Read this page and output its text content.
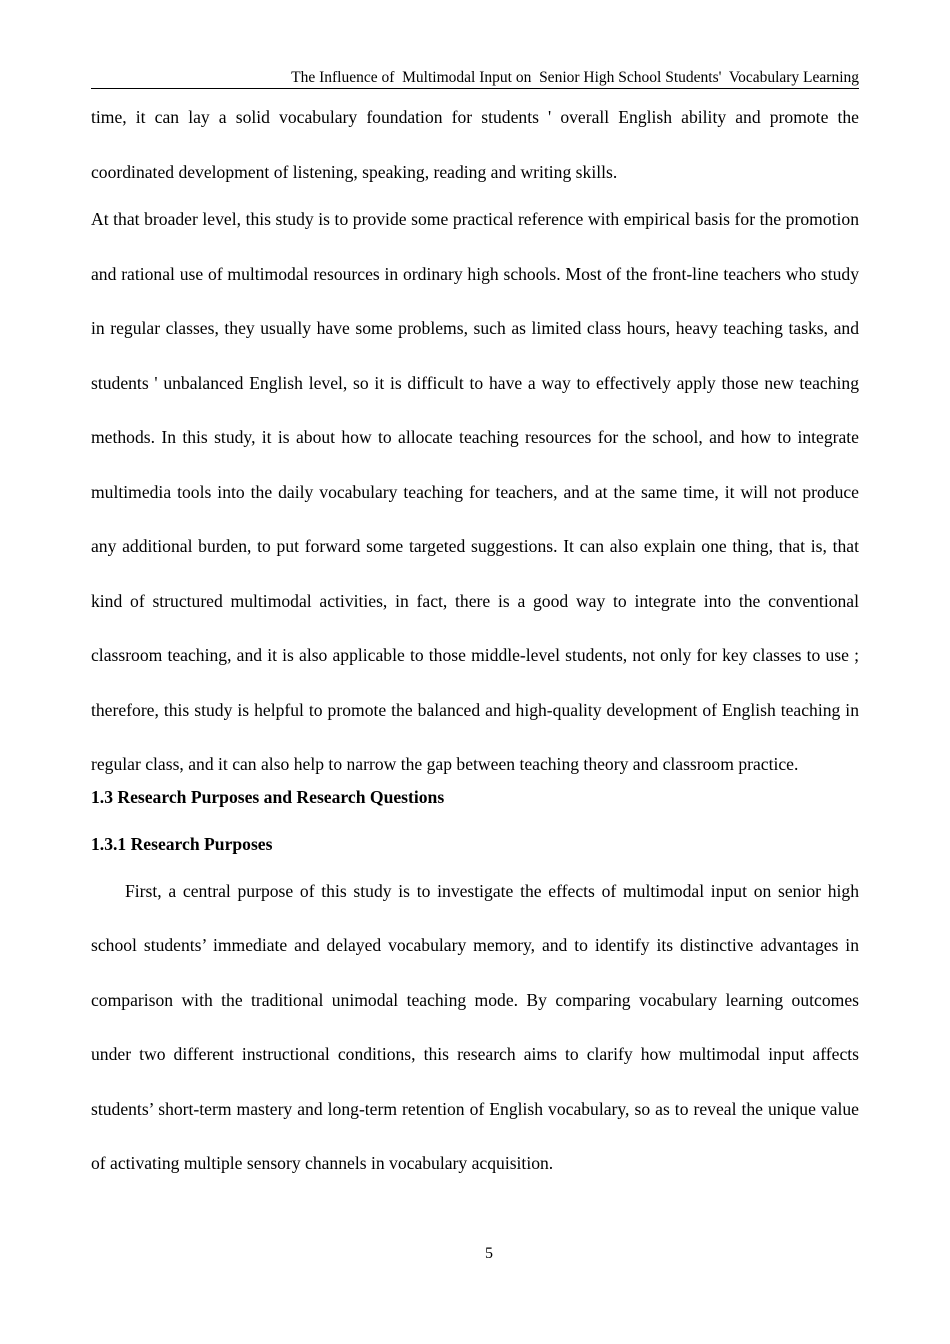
The Influence of  Multimodal Input on  Senior High School Students'  Vocabulary Learning

time, it can lay a solid vocabulary foundation for students ' overall English ability and promote the coordinated development of listening, speaking, reading and writing skills.

At that broader level, this study is to provide some practical reference with empirical basis for the promotion and rational use of multimodal resources in ordinary high schools. Most of the front-line teachers who study in regular classes, they usually have some problems, such as limited class hours, heavy teaching tasks, and students ' unbalanced English level, so it is difficult to have a way to effectively apply those new teaching methods. In this study, it is about how to allocate teaching resources for the school, and how to integrate multimedia tools into the daily vocabulary teaching for teachers, and at the same time, it will not produce any additional burden, to put forward some targeted suggestions. It can also explain one thing, that is, that kind of structured multimodal activities, in fact, there is a good way to integrate into the conventional classroom teaching, and it is also applicable to those middle-level students, not only for key classes to use ; therefore, this study is helpful to promote the balanced and high-quality development of English teaching in regular class, and it can also help to narrow the gap between teaching theory and classroom practice.

1.3 Research Purposes and Research Questions
1.3.1 Research Purposes

First, a central purpose of this study is to investigate the effects of multimodal input on senior high school students’ immediate and delayed vocabulary memory, and to identify its distinctive advantages in comparison with the traditional unimodal teaching mode. By comparing vocabulary learning outcomes under two different instructional conditions, this research aims to clarify how multimodal input affects students’ short-term mastery and long-term retention of English vocabulary, so as to reveal the unique value of activating multiple sensory channels in vocabulary acquisition.

5
